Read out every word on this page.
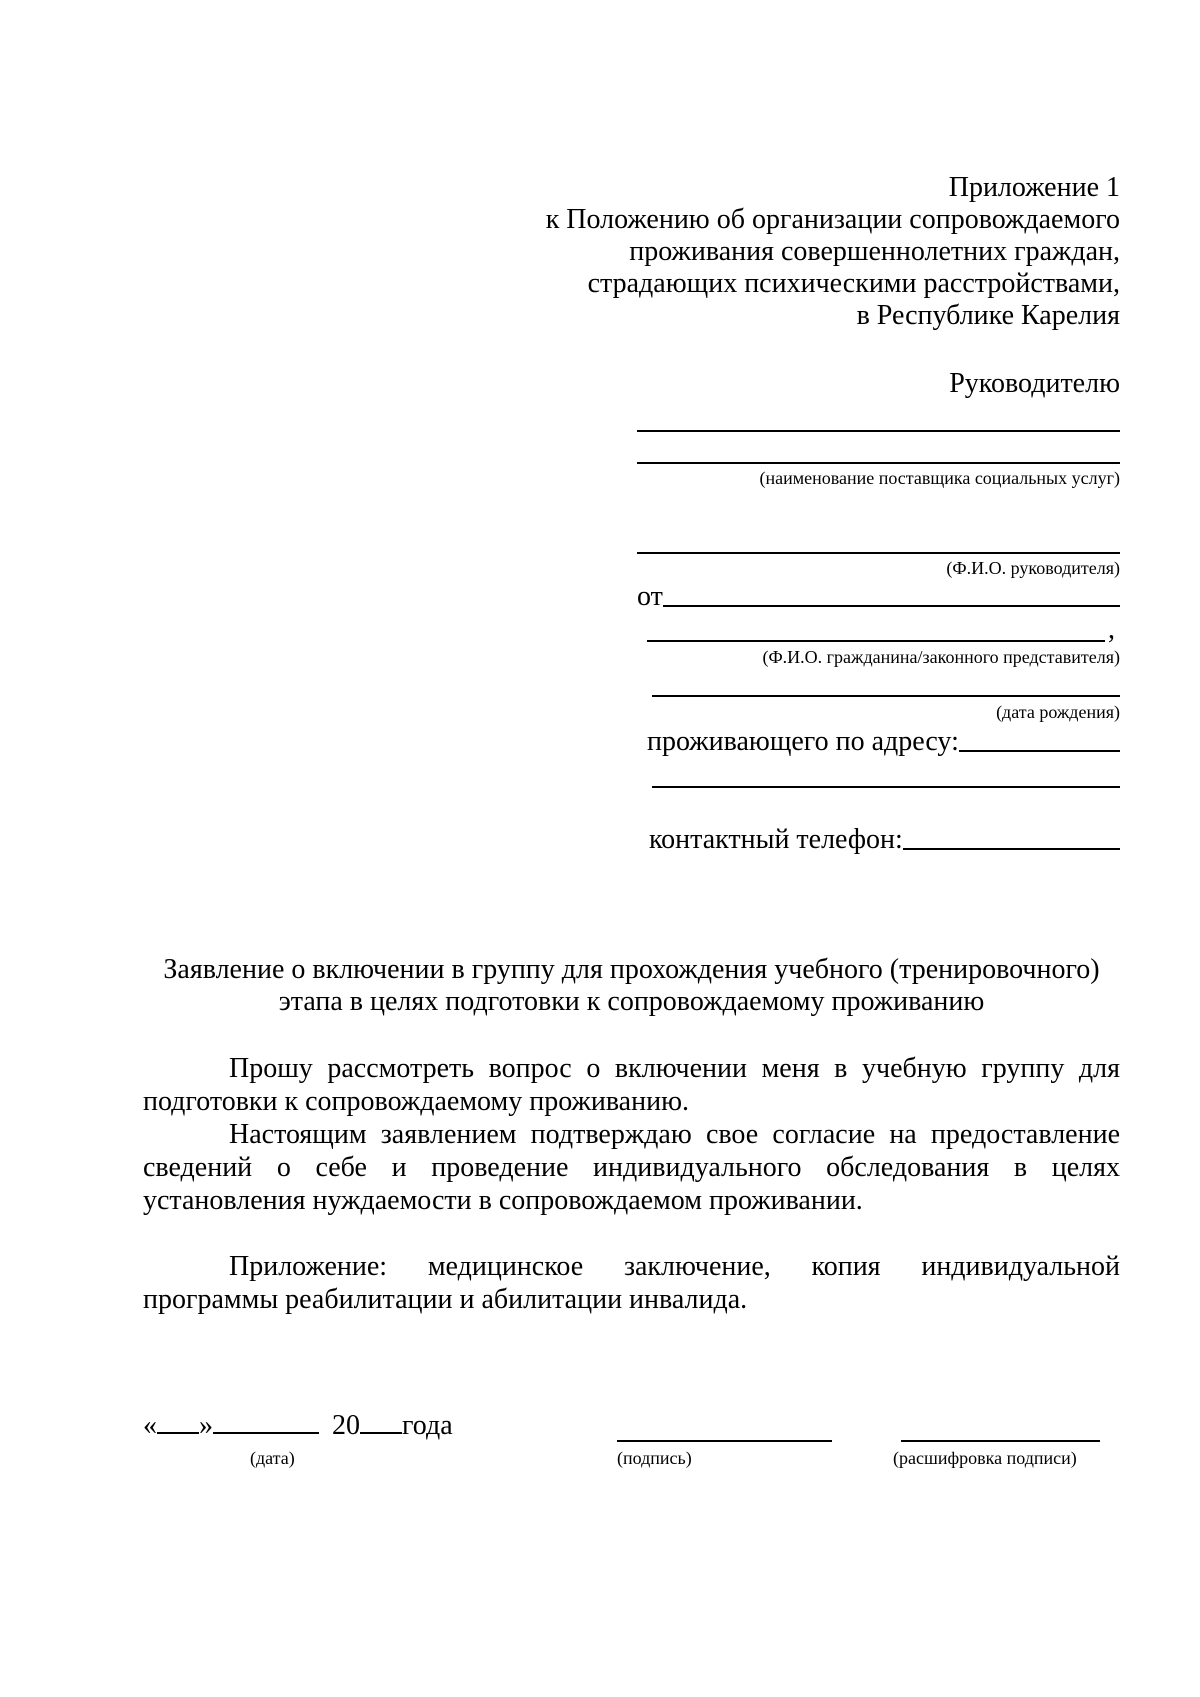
Приложение 1
к Положению об организации сопровождаемого
проживания совершеннолетних граждан,
страдающих психическими расстройствами,
в Республике Карелия
Руководителю
(наименование поставщика социальных услуг)
(Ф.И.О. руководителя)
от
,
(Ф.И.О. гражданина/законного представителя)
(дата рождения)
проживающего по адресу:
контактный телефон:
Заявление о включении в группу для прохождения учебного (тренировочного)
этапа в целях подготовки к сопровождаемому проживанию
Прошу рассмотреть вопрос о включении меня в учебную группу для подготовки к сопровождаемому проживанию.
Настоящим заявлением подтверждаю свое согласие на предоставление сведений о себе и проведение индивидуального обследования в целях установления нуждаемости в сопровождаемом проживании.
Приложение: медицинское заключение, копия индивидуальной программы реабилитации и абилитации инвалида.
« »	20 года
(дата)	(подпись)	(расшифровка подписи)
